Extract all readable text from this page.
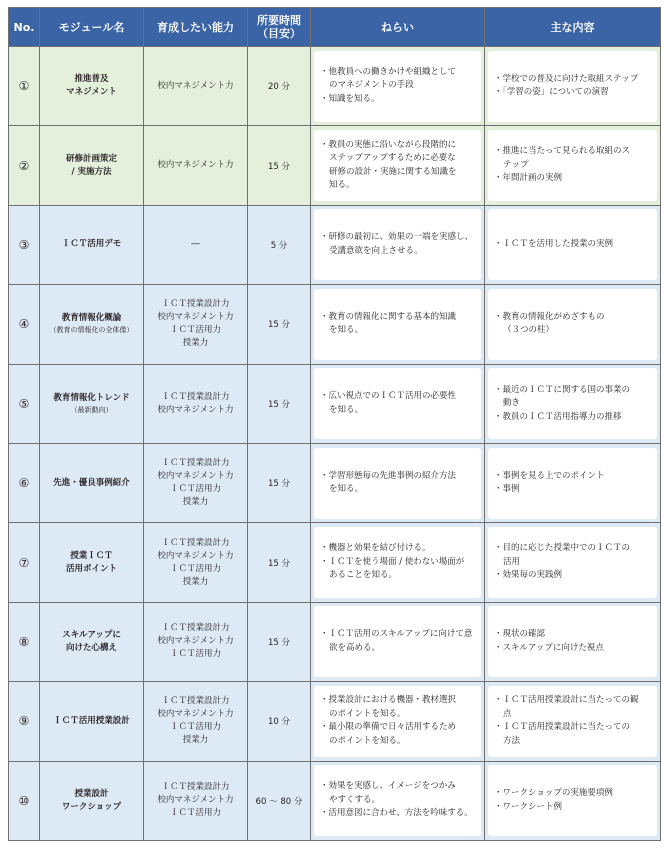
No.	モジュール名	育成したい能力	所要時間
（目安）	ねらい	主な内容
①	推進普及
マネジメント	校内マネジメント力	20 分	・他教員への働きかけや組織として
のマネジメントの手段
・知識を知る。	・学校での普及に向けた取組ステップ
・「学習の姿」についての演習

②	研修計画策定
/ 実施方法	校内マネジメント力	15 分	・教員の実態に沿いながら段階的に
ステップアップするために必要な
研修の設計・実施に関する知識を
知る。	・推進に当たって見られる取組のス
テップ
・年間計画の実例

③	ＩＣＴ活用デモ	―	5 分	・研修の最初に、効果の一端を実感し、
受講意欲を向上させる。	・ＩＣＴを活用した授業の実例

④	教育情報化概論
（教育の情報化の全体像）	ＩＣＴ授業設計力
校内マネジメント力
ＩＣＴ活用力
授業力	15 分	・教育の情報化に関する基本的知識
を知る。	・教育の情報化がめざすもの
（３つの柱）

⑤	教育情報化トレンド
（最新動向）	ＩＣＴ授業設計力
校内マネジメント力	15 分	・広い視点でのＩＣＴ活用の必要性
を知る。	・最近のＩＣＴに関する国の事業の
動き
・教員のＩＣＴ活用指導力の推移

⑥	先進・優良事例紹介	ＩＣＴ授業設計力
校内マネジメント力
ＩＣＴ活用力
授業力	15 分	・学習形態毎の先進事例の紹介方法
を知る。	・事例を見る上でのポイント
・事例

⑦	授業ＩＣＴ
活用ポイント	ＩＣＴ授業設計力
校内マネジメント力
ＩＣＴ活用力
授業力	15 分	・機器と効果を結び付ける。
・ＩＣＴを使う場面 / 使わない場面が
あることを知る。	・目的に応じた授業中でのＩＣＴの
活用
・効果毎の実践例

⑧	スキルアップに
向けた心構え	ＩＣＴ授業設計力
校内マネジメント力
ＩＣＴ活用力	15 分	・ＩＣＴ活用のスキルアップに向けて意
欲を高める。	・現状の確認
・スキルアップに向けた視点

⑨	ＩＣＴ活用授業設計	ＩＣＴ授業設計力
校内マネジメント力
ＩＣＴ活用力
授業力	10 分	・授業設計における機器・教材選択
のポイントを知る。
・最小限の準備で日々活用するため
のポイントを知る。	・ＩＣＴ活用授業設計に当たっての観
点
・ＩＣＴ活用授業設計に当たっての
方法

⑩	授業設計
ワークショップ	ＩＣＴ授業設計力
校内マネジメント力
ＩＣＴ活用力	60 ～ 80 分	・効果を実感し、イメージをつかみ
やすくする。
・活用意図に合わせ、方法を吟味する。	・ワークショップの実施要項例
・ワークシート例
